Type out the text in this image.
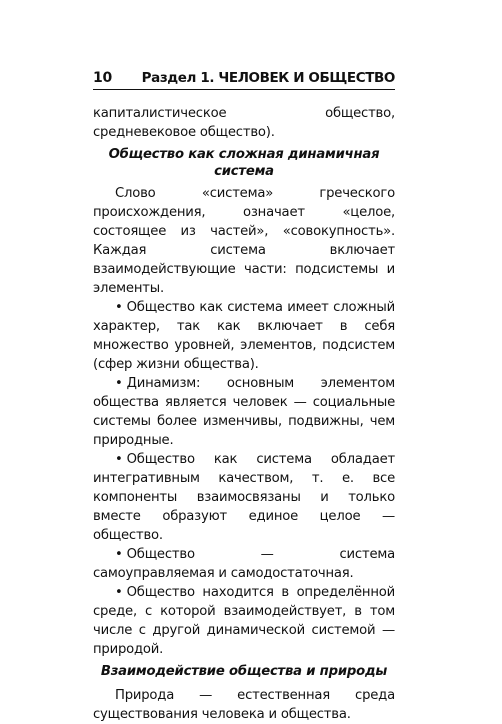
10 Раздел 1. ЧЕЛОВЕК И ОБЩЕСТВО

капиталистическое общество, средневековое общество).

Общество как сложная динамичная система

Слово «система» греческого происхождения, означает «целое, состоящее из частей», «совокупность». Каждая система включает взаимодействующие части: подсистемы и элементы.

• Общество как система имеет сложный характер, так как включает в себя множество уровней, элементов, подсистем (сфер жизни общества).

• Динамизм: основным элементом общества является человек — социальные системы более изменчивы, подвижны, чем природные.

• Общество как система обладает интегративным качеством, т. е. все компоненты взаимосвязаны и только вместе образуют единое целое — общество.

• Общество — система самоуправляемая и самодостаточная.

• Общество находится в определённой среде, с которой взаимодействует, в том числе с другой динамической системой — природой.

Взаимодействие общества и природы

Природа — естественная среда существования человека и общества.
